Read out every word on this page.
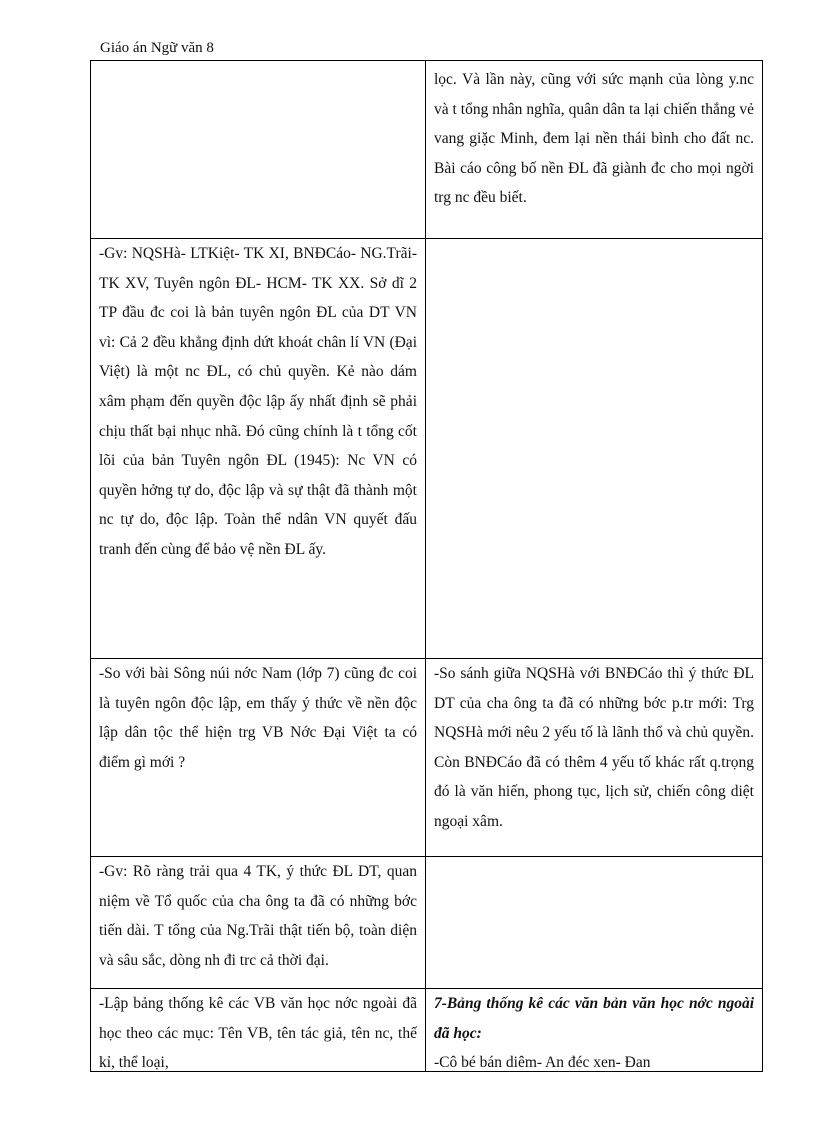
Giáo án Ngữ văn 8

	lọc. Và lần này, cũng với sức mạnh của lòng y.nc và t tổng nhân nghĩa, quân dân ta lại chiến thắng vẻ vang giặc Minh, đem lại nền thái bình cho đất nc. Bài cáo công bố nền ĐL đã giành đc cho mọi ngời trg nc đều biết.

-Gv: NQSHà- LTKiệt- TK XI, BNĐCáo- NG.Trãi- TK XV, Tuyên ngôn ĐL- HCM- TK XX. Sở dĩ 2 TP đầu đc coi là bản tuyên ngôn ĐL của DT VN vì: Cả 2 đều khẳng định dứt khoát chân lí VN (Đại Việt) là một nc ĐL, có chủ quyền. Kẻ nào dám xâm phạm đến quyền độc lập ấy nhất định sẽ phải chịu thất bại nhục nhã. Đó cũng chính là t tổng cốt lõi của bản Tuyên ngôn ĐL (1945): Nc VN có quyền hởng tự do, độc lập và sự thật đã thành một nc tự do, độc lập. Toàn thể ndân VN quyết đấu tranh đến cùng để bảo vệ nền ĐL ấy.	

-So với bài Sông núi nớc Nam (lớp 7) cũng đc coi là tuyên ngôn độc lập, em thấy ý thức về nền độc lập dân tộc thể hiện trg VB Nớc Đại Việt ta có điểm gì mới ?	-So sánh giữa NQSHà với BNĐCáo thì ý thức ĐL DT của cha ông ta đã có những bớc p.tr mới: Trg NQSHà mới nêu 2 yếu tố là lãnh thổ và chủ quyền. Còn BNĐCáo đã có thêm 4 yếu tố khác rất q.trọng đó là văn hiến, phong tục, lịch sử, chiến công diệt ngoại xâm.

-Gv: Rõ ràng trải qua 4 TK, ý thức ĐL DT, quan niệm về Tổ quốc của cha ông ta đã có những bớc tiến dài. T tổng của Ng.Trãi thật tiến bộ, toàn diện và sâu sắc, dòng nh đi trc cả thời đại.	

-Lập bảng thống kê các VB văn học nớc ngoài đã học theo các mục: Tên VB, tên tác giả, tên nc, thế kỉ, thể loại,	7-Bảng thống kê các văn bản văn học nớc ngoài đã học:
-Cô bé bán diêm- An đéc xen- Đan
